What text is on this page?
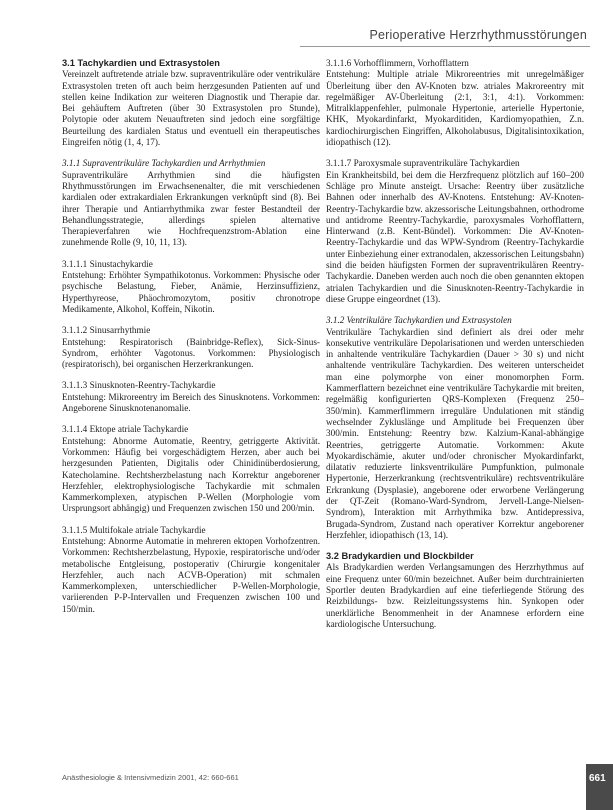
Perioperative Herzrhythmusstörungen

3.1 Tachykardien und Extrasystolen

Vereinzelt auftretende atriale bzw. supraventrikuläre oder ventrikuläre Extrasystolen treten oft auch beim herzgesunden Patienten auf und stellen keine Indikation zur weiteren Diagnostik und Therapie dar. Bei gehäuftem Auftreten (über 30 Extrasystolen pro Stunde), Polytopie oder akutem Neuauftreten sind jedoch eine sorgfältige Beurteilung des kardialen Status und eventuell ein therapeutisches Eingreifen nötig (1, 4, 17).

3.1.1 Supraventrikuläre Tachykardien und Arrhythmien

Supraventrikuläre Arrhythmien sind die häufigsten Rhythmusstörungen im Erwachsenenalter, die mit verschiedenen kardialen oder extrakardialen Erkrankungen verknüpft sind (8). Bei ihrer Therapie und Antiarrhythmika zwar fester Bestandteil der Behandlungsstrategie, allerdings spielen alternative Therapieverfahren wie Hochfrequenzstrom-Ablation eine zunehmende Rolle (9, 10, 11, 13).

3.1.1.1 Sinustachykardie

Entstehung: Erhöhter Sympathikotonus. Vorkommen: Physische oder psychische Belastung, Fieber, Anämie, Herzinsuffizienz, Hyperthyreose, Phäochromozytom, positiv chronotrope Medikamente, Alkohol, Koffein, Nikotin.

3.1.1.2 Sinusarrhythmie

Entstehung: Respiratorisch (Bainbridge-Reflex), Sick-Sinus-Syndrom, erhöhter Vagotonus. Vorkommen: Physiologisch (respiratorisch), bei organischen Herzerkrankungen.

3.1.1.3 Sinusknoten-Reentry-Tachykardie

Entstehung: Mikroreentry im Bereich des Sinusknotens. Vorkommen: Angeborene Sinusknotenanomalie.

3.1.1.4 Ektope atriale Tachykardie

Entstehung: Abnorme Automatie, Reentry, getriggerte Aktivität. Vorkommen: Häufig bei vorgeschädigtem Herzen, aber auch bei herzgesunden Patienten, Digitalis oder Chinidinüberdosierung, Katecholamine. Rechtsherzbelastung nach Korrektur angeborener Herzfehler, elektrophysiologische Tachykardie mit schmalen Kammerkomplexen, atypischen P-Wellen (Morphologie vom Ursprungsort abhängig) und Frequenzen zwischen 150 und 200/min.

3.1.1.5 Multifokale atriale Tachykardie

Entstehung: Abnorme Automatie in mehreren ektopen Vorhofzentren. Vorkommen: Rechtsherzbelastung, Hypoxie, respiratorische und/oder metabolische Entgleisung, postoperativ (Chirurgie kongenitaler Herzfehler, auch nach ACVB-Operation) mit schmalen Kammerkomplexen, unterschiedlicher P-Wellen-Morphologie, variierenden P-P-Intervallen und Frequenzen zwischen 100 und 150/min.

3.1.1.6 Vorhofflimmern, Vorhofflattern

Entstehung: Multiple atriale Mikroreentries mit unregelmäßiger Überleitung über den AV-Knoten bzw. atriales Makroreentry mit regelmäßiger AV-Überleitung (2:1, 3:1, 4:1). Vorkommen: Mitralklappenfehler, pulmonale Hypertonie, arterielle Hypertonie, KHK, Myokardinfarkt, Myokarditiden, Kardiomyopathien, Z.n. kardiochirurgischen Eingriffen, Alkoholabusus, Digitalisintoxikation, idiopathisch (12).

3.1.1.7 Paroxysmale supraventrikuläre Tachykardien

Ein Krankheitsbild, bei dem die Herzfrequenz plötzlich auf 160–200 Schläge pro Minute ansteigt. Ursache: Reentry über zusätzliche Bahnen oder innerhalb des AV-Knotens. Entstehung: AV-Knoten-Reentry-Tachykardie bzw. akzessorische Leitungsbahnen, orthodrome und antidrome Reentry-Tachykardie, paroxysmales Vorhofflattern, Hinterwand (z.B. Kent-Bündel). Vorkommen: Die AV-Knoten-Reentry-Tachykardie und das WPW-Syndrom (Reentry-Tachykardie unter Einbeziehung einer extranodalen, akzessorischen Leitungsbahn) sind die beiden häufigsten Formen der supraventrikulären Reentry-Tachykardie. Daneben werden auch noch die oben genannten ektopen atrialen Tachykardien und die Sinusknoten-Reentry-Tachykardie in diese Gruppe eingeordnet (13).

3.1.2 Ventrikuläre Tachykardien und Extrasystolen

Ventrikuläre Tachykardien sind definiert als drei oder mehr konsekutive ventrikuläre Depolarisationen und werden unterschieden in anhaltende ventrikuläre Tachykardien (Dauer > 30 s) und nicht anhaltende ventrikuläre Tachykardien. Des weiteren unterscheidet man eine polymorphe von einer monomorphen Form. Kammerflattern bezeichnet eine ventrikuläre Tachykardie mit breiten, regelmäßig konfigurierten QRS-Komplexen (Frequenz 250–350/min). Kammerflimmern irreguläre Undulationen mit ständig wechselnder Zykluslänge und Amplitude bei Frequenzen über 300/min. Entstehung: Reentry bzw. Kalzium-Kanal-abhängige Reentries, getriggerte Automatie. Vorkommen: Akute Myokardischämie, akuter und/oder chronischer Myokardinfarkt, dilatativ reduzierte linksventrikuläre Pumpfunktion, pulmonale Hypertonie, Herzerkrankung (rechtsventrikuläre) rechtsventrikuläre Erkrankung (Dysplasie), angeborene oder erworbene Verlängerung der QT-Zeit (Romano-Ward-Syndrom, Jervell-Lange-Nielsen-Syndrom), Interaktion mit Arrhythmika bzw. Antidepressiva, Brugada-Syndrom, Zustand nach operativer Korrektur angeborener Herzfehler, idiopathisch (13, 14).

3.2 Bradykardien und Blockbilder

Als Bradykardien werden Verlangsamungen des Herzrhythmus auf eine Frequenz unter 60/min bezeichnet. Außer beim durchtrainierten Sportler deuten Bradykardien auf eine tieferliegende Störung des Reizbildungs- bzw. Reizleitungssystems hin. Synkopen oder unerklärliche Benommenheit in der Anamnese erfordern eine kardiologische Untersuchung.

Anästhesiologie & Intensivmedizin 2001, 42: 660-661	661
